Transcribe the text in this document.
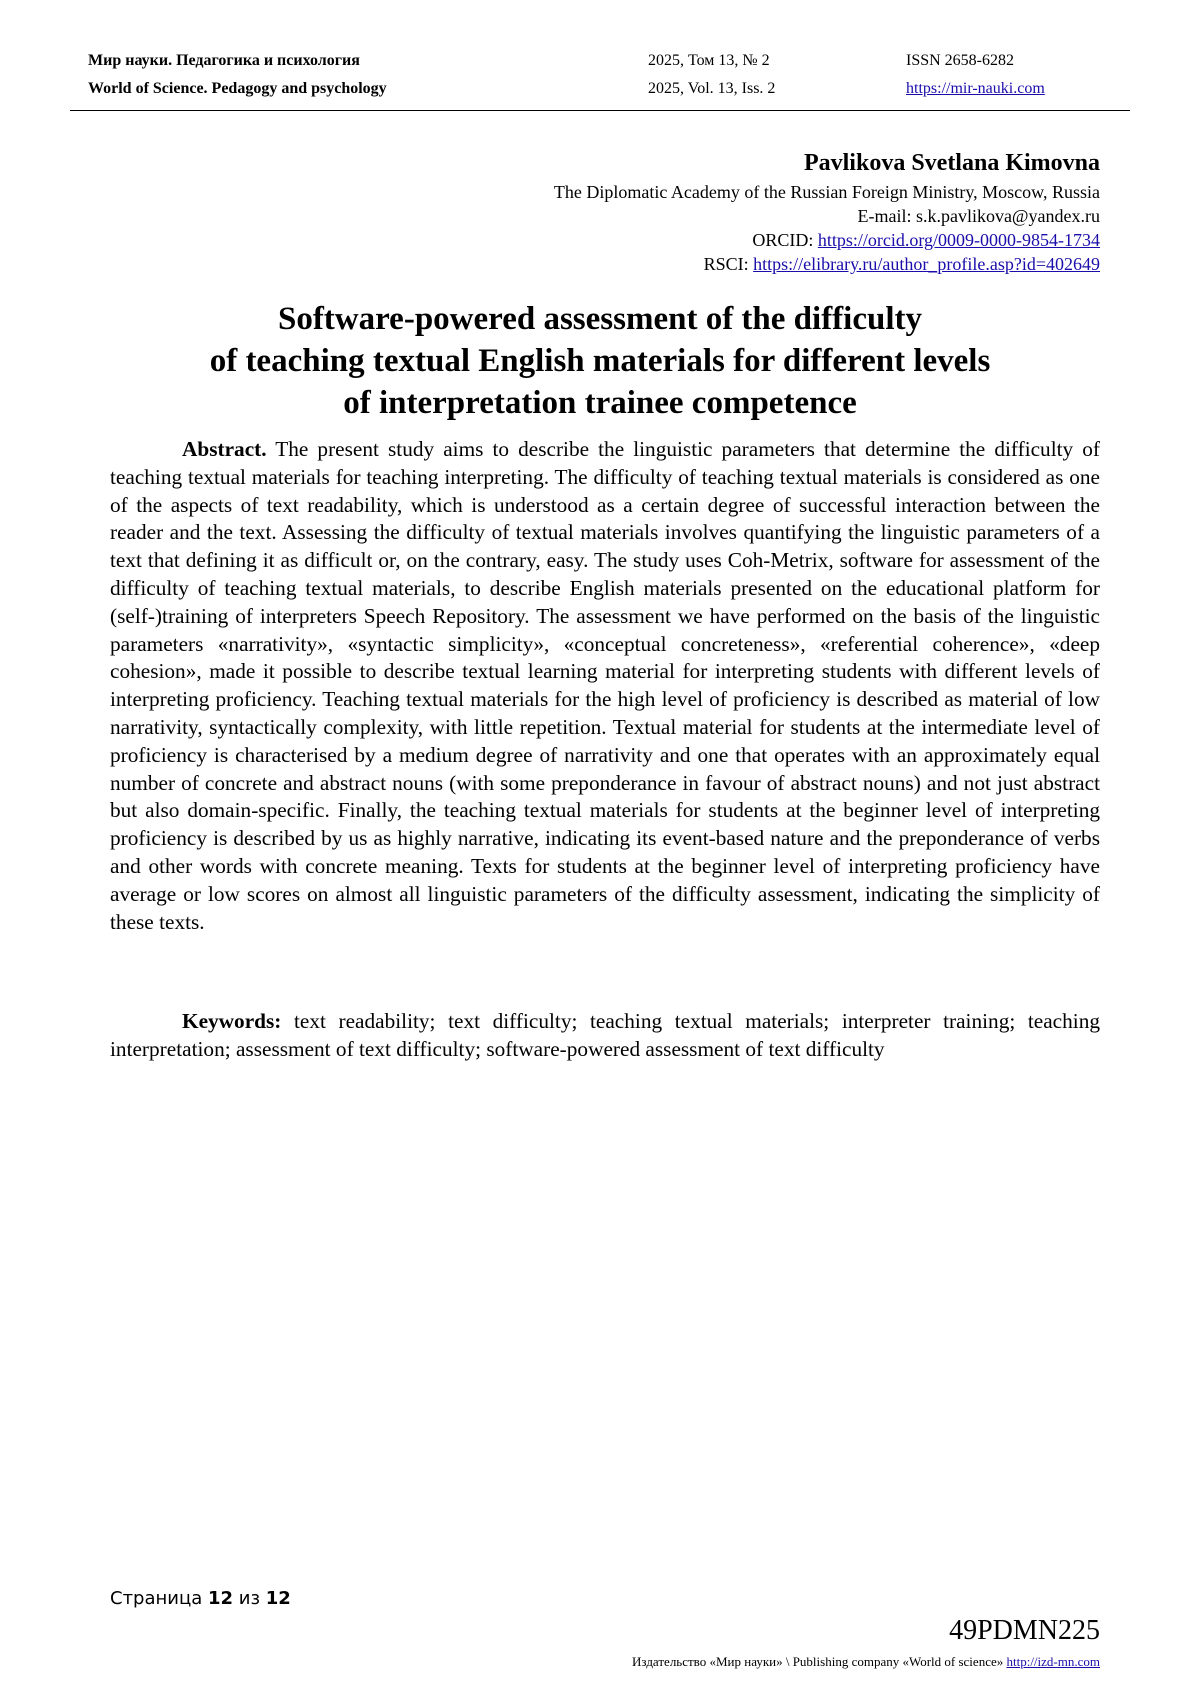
Мир науки. Педагогика и психология
World of Science. Pedagogy and psychology
2025, Том 13, № 2
2025, Vol. 13, Iss. 2
ISSN 2658-6282
https://mir-nauki.com
Pavlikova Svetlana Kimovna
The Diplomatic Academy of the Russian Foreign Ministry, Moscow, Russia
E-mail: s.k.pavlikova@yandex.ru
ORCID: https://orcid.org/0009-0000-9854-1734
RSCI: https://elibrary.ru/author_profile.asp?id=402649
Software-powered assessment of the difficulty
of teaching textual English materials for different levels
of interpretation trainee competence

Abstract. The present study aims to describe the linguistic parameters that determine the difficulty of teaching textual materials for teaching interpreting. The difficulty of teaching textual materials is considered as one of the aspects of text readability, which is understood as a certain degree of successful interaction between the reader and the text. Assessing the difficulty of textual materials involves quantifying the linguistic parameters of a text that defining it as difficult or, on the contrary, easy. The study uses Coh-Metrix, software for assessment of the difficulty of teaching textual materials, to describe English materials presented on the educational platform for (self-)training of interpreters Speech Repository. The assessment we have performed on the basis of the linguistic parameters «narrativity», «syntactic simplicity», «conceptual concreteness», «referential coherence», «deep cohesion», made it possible to describe textual learning material for interpreting students with different levels of interpreting proficiency. Teaching textual materials for the high level of proficiency is described as material of low narrativity, syntactically complexity, with little repetition. Textual material for students at the intermediate level of proficiency is characterised by a medium degree of narrativity and one that operates with an approximately equal number of concrete and abstract nouns (with some preponderance in favour of abstract nouns) and not just abstract but also domain-specific. Finally, the teaching textual materials for students at the beginner level of interpreting proficiency is described by us as highly narrative, indicating its event-based nature and the preponderance of verbs and other words with concrete meaning. Texts for students at the beginner level of interpreting proficiency have average or low scores on almost all linguistic parameters of the difficulty assessment, indicating the simplicity of these texts.

Keywords: text readability; text difficulty; teaching textual materials; interpreter training; teaching interpretation; assessment of text difficulty; software-powered assessment of text difficulty

Страница 12 из 12
49PDMN225
Издательство «Мир науки» \ Publishing company «World of science» http://izd-mn.com
